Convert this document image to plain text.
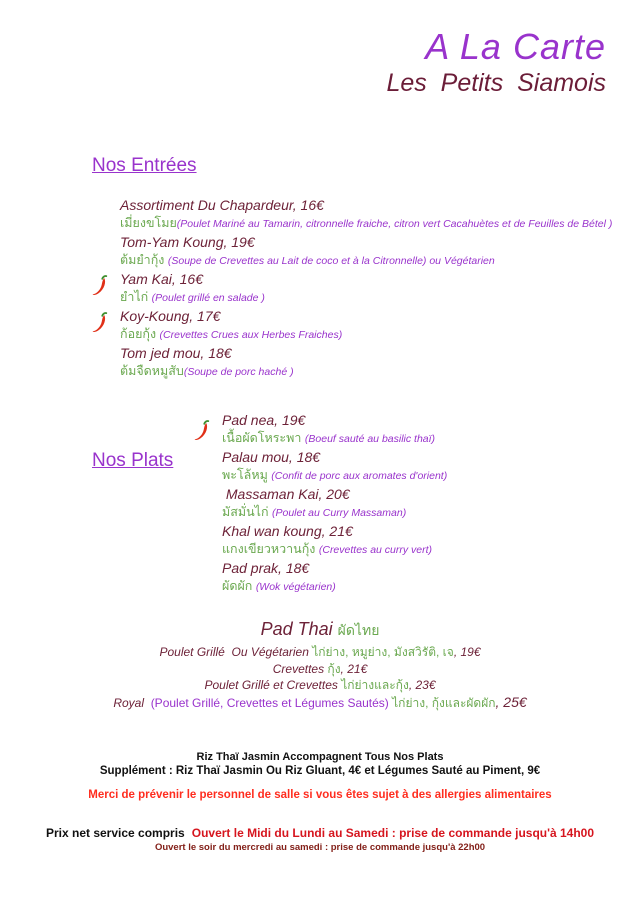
A La Carte
Les  Petits  Siamois
Nos Entrées
Assortiment Du Chapardeur, 16€
เมี่ยงขโมย(Poulet Mariné au Tamarin, citronnelle fraiche, citron vert Cacahuètes et de Feuilles de Bétel )
Tom-Yam Koung, 19€
ต้มยำกุ้ง (Soupe de Crevettes au Lait de coco et à la Citronnelle) ou Végétarien
Yam Kai, 16€
ยำไก่ (Poulet grillé en salade )
Koy-Koung, 17€
ก้อยกุ้ง (Crevettes Crues aux Herbes Fraiches)
Tom jed mou, 18€
ต้มจืดหมูสับ(Soupe de porc haché )
Nos Plats
Pad nea, 19€
เนื้อผัดโหระพา (Boeuf sauté au basilic thaï)
Palau mou, 18€
พะโล้หมู (Confit de porc aux aromates d'orient)
Massaman Kai, 20€
มัสมั่นไก่ (Poulet au Curry Massaman)
Khal wan koung, 21€
แกงเขียวหวานกุ้ง (Crevettes au curry vert)
Pad prak, 18€
ผัดผัก (Wok végétarien)
Pad Thai ผัดไทย
Poulet Grillé  Ou Végétarien ไก่ย่าง, หมูย่าง, มังสวิรัติ, เจ, 19€
Crevettes กุ้ง, 21€
Poulet Grillé et Crevettes ไก่ย่างและกุ้ง, 23€
Royal  (Poulet Grillé, Crevettes et Légumes Sautés) ไก่ย่าง, กุ้งและผัดผัก, 25€
Riz Thaï Jasmin Accompagnent Tous Nos Plats
Supplément : Riz Thaï Jasmin Ou Riz Gluant, 4€ et Légumes Sauté au Piment, 9€
Merci de prévenir le personnel de salle si vous êtes sujet à des allergies alimentaires
Prix net service compris Ouvert le Midi du Lundi au Samedi : prise de commande jusqu'à 14h00
Ouvert le soir du mercredi au samedi : prise de commande jusqu'à 22h00
